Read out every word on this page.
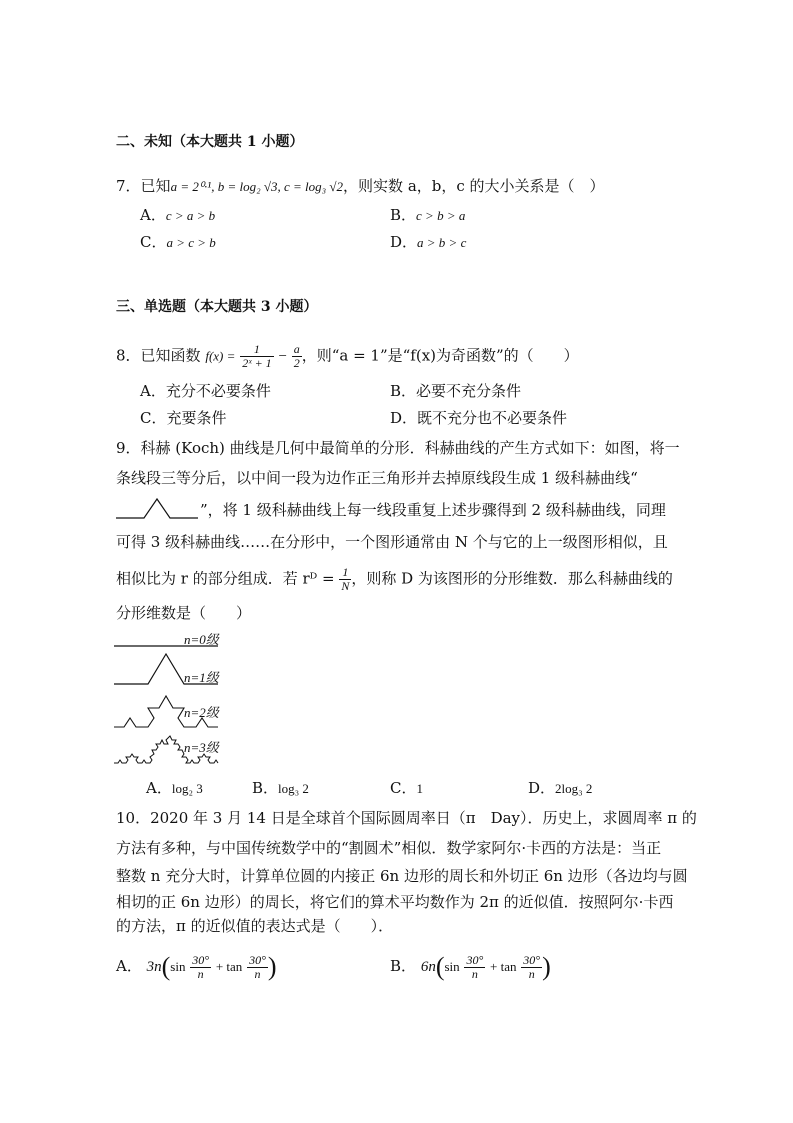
二、未知（本大题共 1 小题）
7．已知a = 2⁰·¹, b = log₂ √3, c = log₃ √2，则实数 a，b，c 的大小关系是（　）
A．c > a > b	B．c > b > a
C．a > c > b	D．a > b > c
三、单选题（本大题共 3 小题）
8．已知函数 $f(x) = \frac{1}{\text{2ˣ + 1}} - \frac{a}{2}$ ，则“a = 1”是“f(x)为奇函数”的（　　）
A．充分不必要条件	B．必要不充分条件
C．充要条件	D．既不充分也不必要条件
9．科赫 (Koch) 曲线是几何中最简单的分形．科赫曲线的产生方式如下：如图，将一
条线段三等分后，以中间一段为边作正三角形并去掉原线段生成 1 级科赫曲线“
”，将 1 级科赫曲线上每一线段重复上述步骤得到 2 级科赫曲线，同理
可得 3 级科赫曲线……在分形中，一个图形通常由 N 个与它的上一级图形相似，且
相似比为 r 的部分组成．若 rᴰ = $\frac{1}{N}$ ，则称 D 为该图形的分形维数．那么科赫曲线的
分形维数是（　　）
n=0级
n=1级
n=2级
n=3级
A．log₂ 3	B．log₃ 2	C．1	D．2log₃ 2
10．2020 年 3 月 14 日是全球首个国际圆周率日（π　Day）．历史上，求圆周率 π 的
方法有多种，与中国传统数学中的“割圆术”相似．数学家阿尔·卡西的方法是：当正
整数 n 充分大时，计算单位圆的内接正 6n 边形的周长和外切正 6n 边形（各边均与圆
相切的正 6n 边形）的周长，将它们的算术平均数作为 2π 的近似值．按照阿尔·卡西
的方法，π 的近似值的表达式是（　　）．
A． $3n(\sin \frac{30^\circ}{n} + \tan \frac{30^\circ}{n}$ )	B． $6n(\sin \frac{30^\circ}{n} + \tan \frac{30^\circ}{n}$ )
